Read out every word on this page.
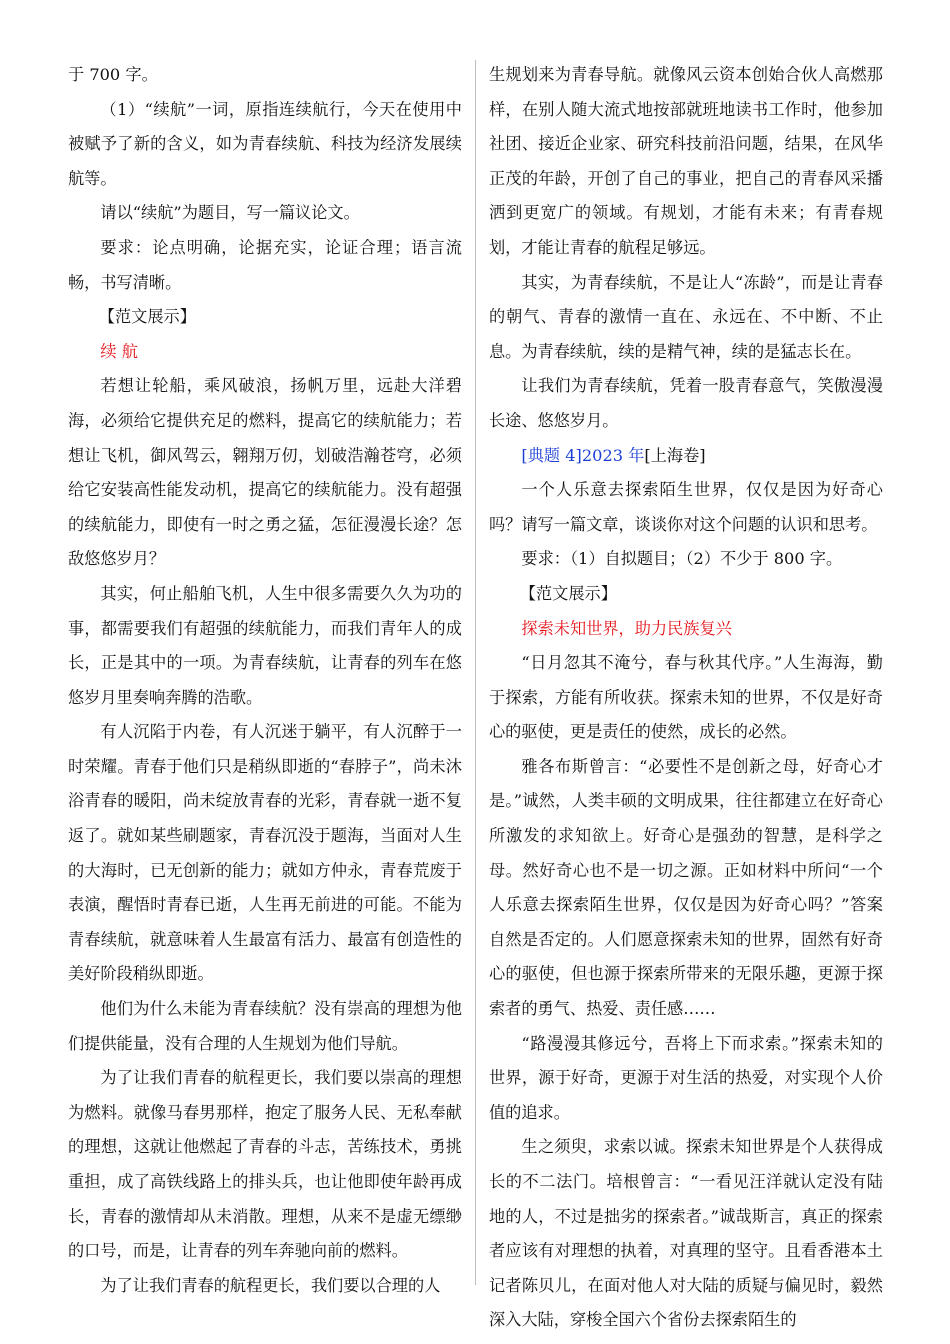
于 700 字。

（1）“续航”一词，原指连续航行，今天在使用中被赋予了新的含义，如为青春续航、科技为经济发展续航等。

请以“续航”为题目，写一篇议论文。

要求：论点明确，论据充实，论证合理；语言流畅，书写清晰。

【范文展示】

续 航

若想让轮船，乘风破浪，扬帆万里，远赴大洋碧海，必须给它提供充足的燃料，提高它的续航能力；若想让飞机，御风驾云，翱翔万仞，划破浩瀚苍穹，必须给它安装高性能发动机，提高它的续航能力。没有超强的续航能力，即使有一时之勇之猛，怎征漫漫长途？怎敌悠悠岁月？

其实，何止船舶飞机，人生中很多需要久久为功的事，都需要我们有超强的续航能力，而我们青年人的成长，正是其中的一项。为青春续航，让青春的列车在悠悠岁月里奏响奔腾的浩歌。

有人沉陷于内卷，有人沉迷于躺平，有人沉醉于一时荣耀。青春于他们只是稍纵即逝的“春脖子”，尚未沐浴青春的暖阳，尚未绽放青春的光彩，青春就一逝不复返了。就如某些刷题家，青春沉没于题海，当面对人生的大海时，已无创新的能力；就如方仲永，青春荒废于表演，醒悟时青春已逝，人生再无前进的可能。不能为青春续航，就意味着人生最富有活力、最富有创造性的美好阶段稍纵即逝。

他们为什么未能为青春续航？没有崇高的理想为他们提供能量，没有合理的人生规划为他们导航。

为了让我们青春的航程更长，我们要以崇高的理想为燃料。就像马春男那样，抱定了服务人民、无私奉献的理想，这就让他燃起了青春的斗志，苦练技术，勇挑重担，成了高铁线路上的排头兵，也让他即使年龄再成长，青春的激情却从未消散。理想，从来不是虚无缥缈的口号，而是，让青春的列车奔驰向前的燃料。

为了让我们青春的航程更长，我们要以合理的人

生规划来为青春导航。就像风云资本创始合伙人高燃那样，在别人随大流式地按部就班地读书工作时，他参加社团、接近企业家、研究科技前沿问题，结果，在风华正茂的年龄，开创了自己的事业，把自己的青春风采播洒到更宽广的领域。有规划，才能有未来；有青春规划，才能让青春的航程足够远。

其实，为青春续航，不是让人“冻龄”，而是让青春的朝气、青春的激情一直在、永远在、不中断、不止息。为青春续航，续的是精气神，续的是猛志长在。

让我们为青春续航，凭着一股青春意气，笑傲漫漫长途、悠悠岁月。

[典题 4]2023 年[上海卷]

一个人乐意去探索陌生世界，仅仅是因为好奇心吗？请写一篇文章，谈谈你对这个问题的认识和思考。

要求：（1）自拟题目；（2）不少于 800 字。

【范文展示】

探索未知世界，助力民族复兴

“日月忽其不淹兮，春与秋其代序。”人生海海，勤于探索，方能有所收获。探索未知的世界，不仅是好奇心的驱使，更是责任的使然，成长的必然。

雅各布斯曾言：“必要性不是创新之母，好奇心才是。”诚然，人类丰硕的文明成果，往往都建立在好奇心所激发的求知欲上。好奇心是强劲的智慧，是科学之母。然好奇心也不是一切之源。正如材料中所问“一个人乐意去探索陌生世界，仅仅是因为好奇心吗？”答案自然是否定的。人们愿意探索未知的世界，固然有好奇心的驱使，但也源于探索所带来的无限乐趣，更源于探索者的勇气、热爱、责任感……

“路漫漫其修远兮，吾将上下而求索。”探索未知的世界，源于好奇，更源于对生活的热爱，对实现个人价值的追求。

生之须臾，求索以诚。探索未知世界是个人获得成长的不二法门。培根曾言：“一看见汪洋就认定没有陆地的人，不过是拙劣的探索者。”诚哉斯言，真正的探索者应该有对理想的执着，对真理的坚守。且看香港本土记者陈贝儿，在面对他人对大陆的质疑与偏见时，毅然深入大陆，穿梭全国六个省份去探索陌生的
